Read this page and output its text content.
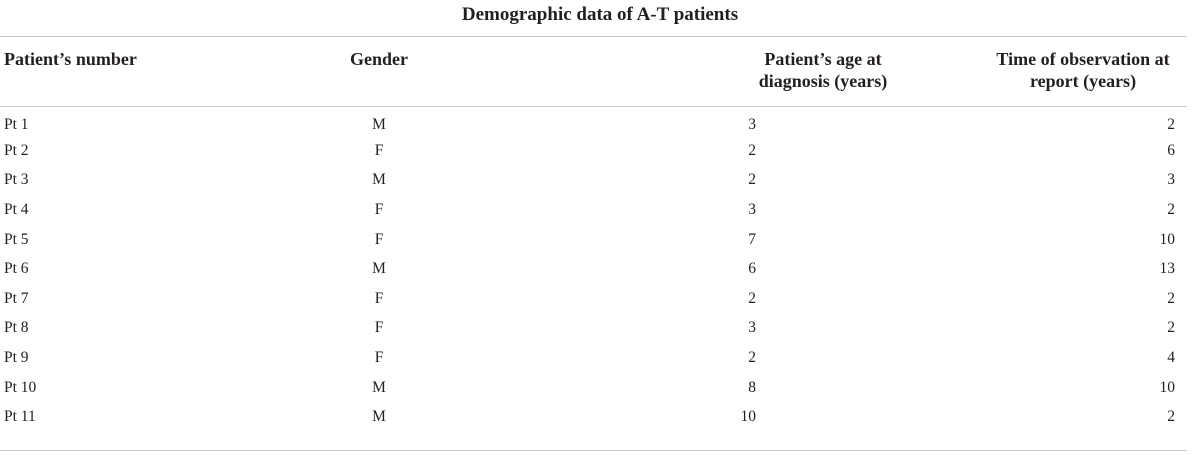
Demographic data of A-T patients
Patient’s number	Gender	Patient’s age at diagnosis (years)	Time of observation at report (years)
Pt 1	M	3	2
Pt 2	F	2	6
Pt 3	M	2	3
Pt 4	F	3	2
Pt 5	F	7	10
Pt 6	M	6	13
Pt 7	F	2	2
Pt 8	F	3	2
Pt 9	F	2	4
Pt 10	M	8	10
Pt 11	M	10	2
